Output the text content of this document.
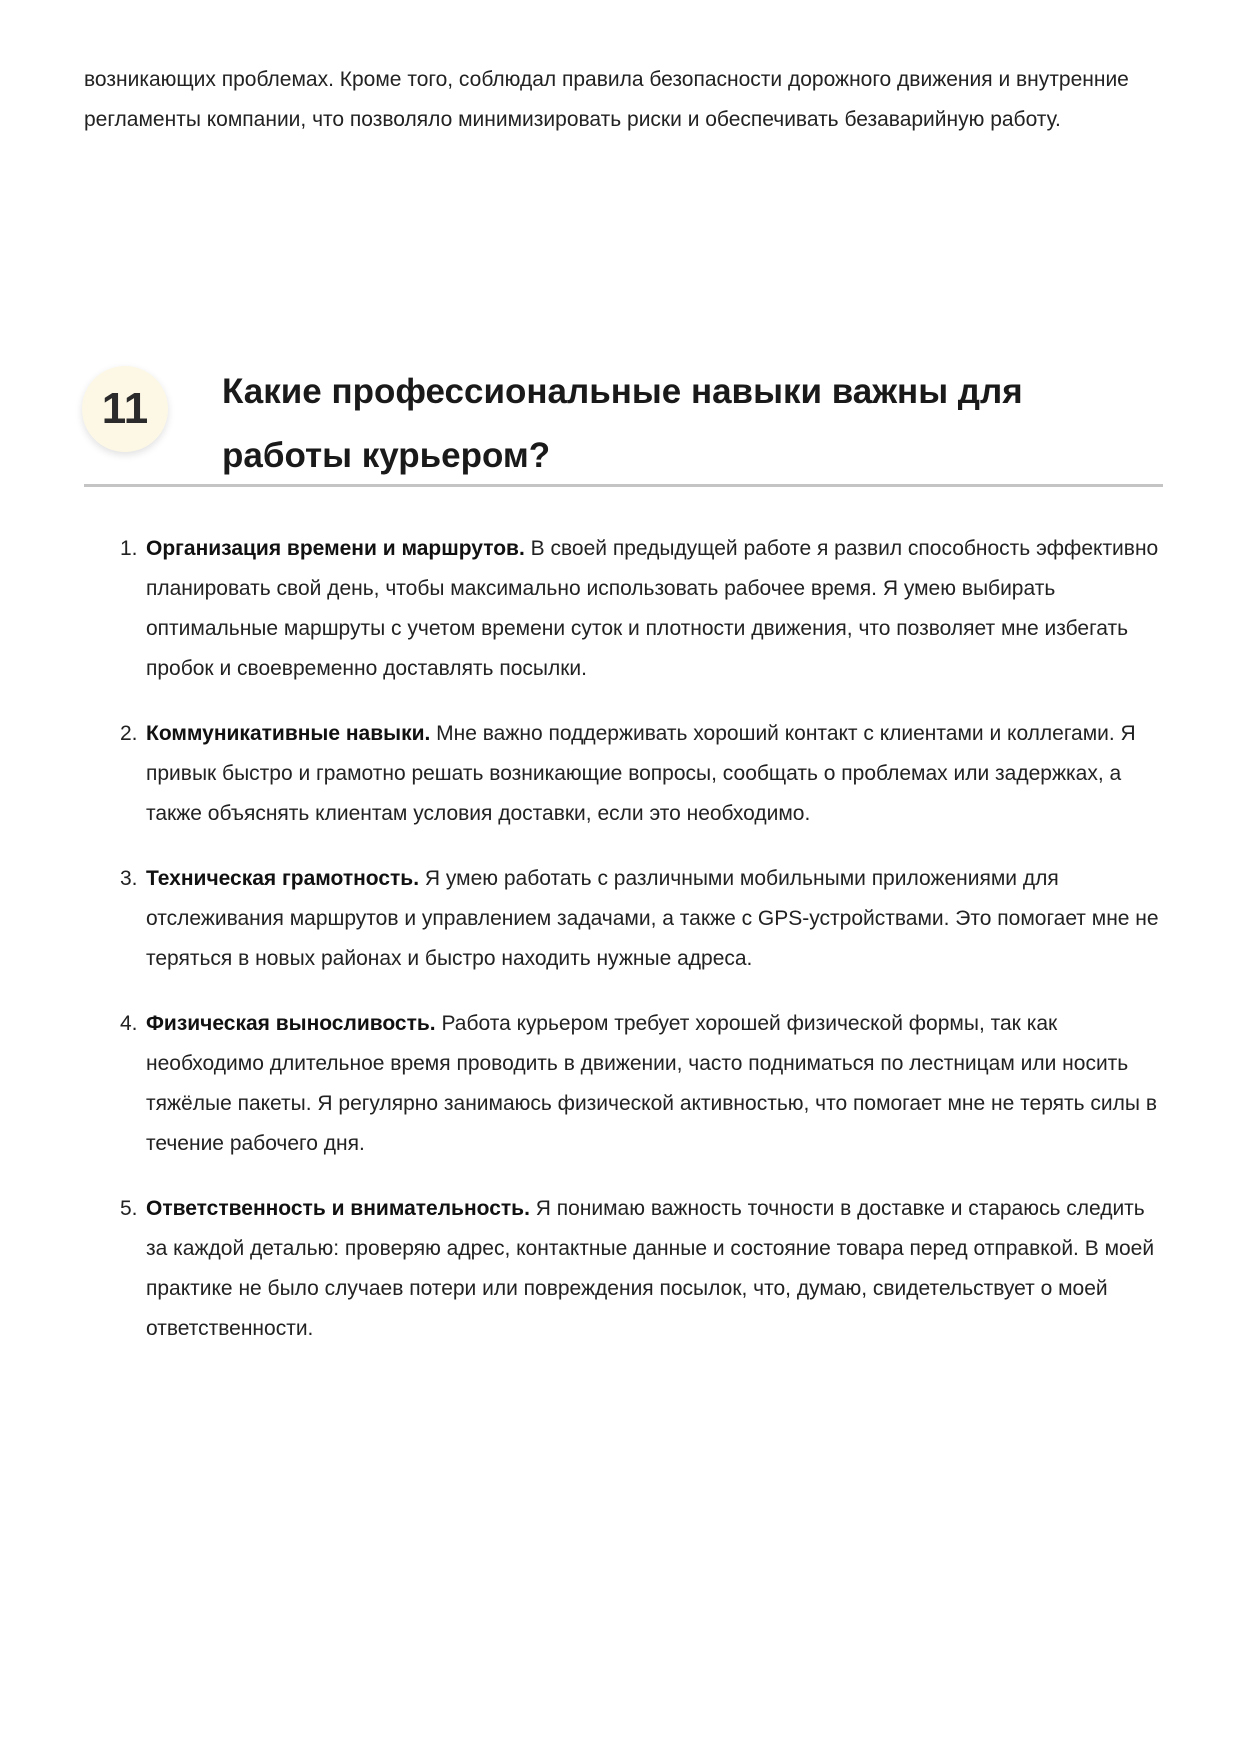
возникающих проблемах. Кроме того, соблюдал правила безопасности дорожного движения и внутренние регламенты компании, что позволяло минимизировать риски и обеспечивать безаварийную работу.

11	Какие профессиональные навыки важны для работы курьером?
1. Организация времени и маршрутов. В своей предыдущей работе я развил способность эффективно планировать свой день, чтобы максимально использовать рабочее время. Я умею выбирать оптимальные маршруты с учетом времени суток и плотности движения, что позволяет мне избегать пробок и своевременно доставлять посылки.
2. Коммуникативные навыки. Мне важно поддерживать хороший контакт с клиентами и коллегами. Я привык быстро и грамотно решать возникающие вопросы, сообщать о проблемах или задержках, а также объяснять клиентам условия доставки, если это необходимо.
3. Техническая грамотность. Я умею работать с различными мобильными приложениями для отслеживания маршрутов и управлением задачами, а также с GPS-устройствами. Это помогает мне не теряться в новых районах и быстро находить нужные адреса.
4. Физическая выносливость. Работа курьером требует хорошей физической формы, так как необходимо длительное время проводить в движении, часто подниматься по лестницам или носить тяжёлые пакеты. Я регулярно занимаюсь физической активностью, что помогает мне не терять силы в течение рабочего дня.
5. Ответственность и внимательность. Я понимаю важность точности в доставке и стараюсь следить за каждой деталью: проверяю адрес, контактные данные и состояние товара перед отправкой. В моей практике не было случаев потери или повреждения посылок, что, думаю, свидетельствует о моей ответственности.
